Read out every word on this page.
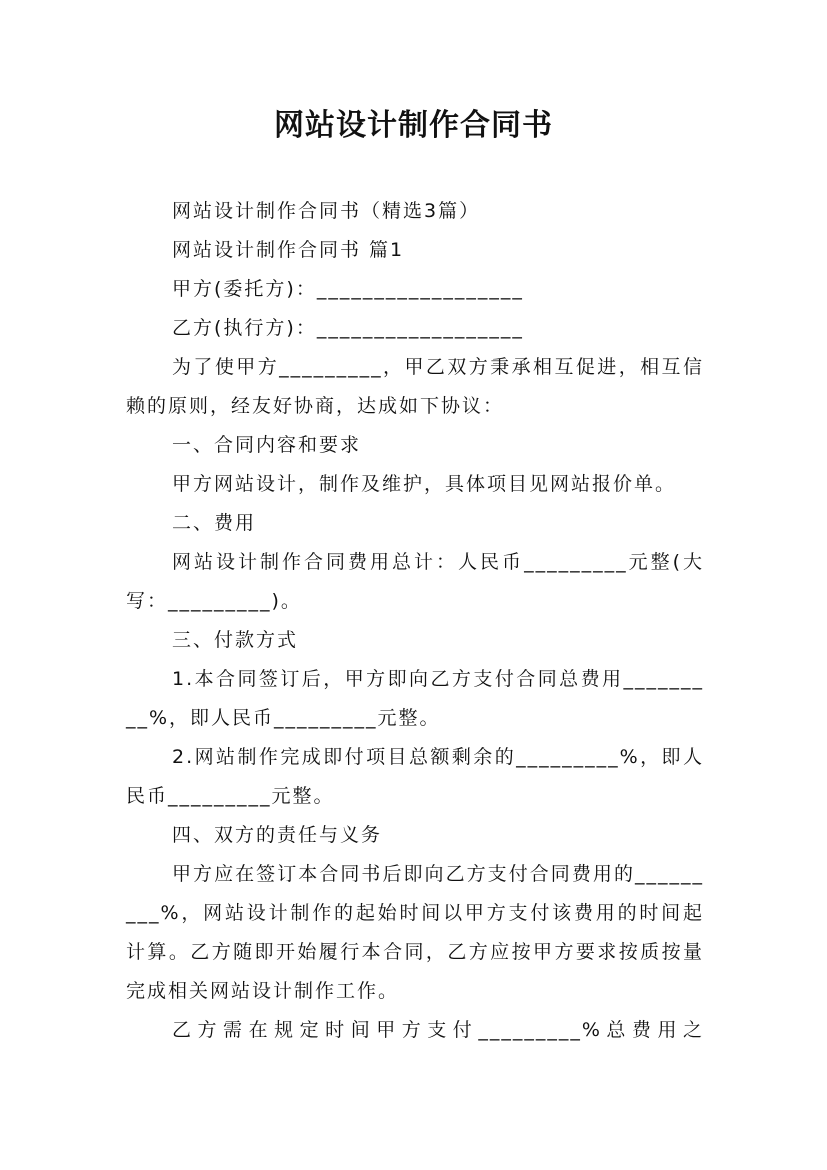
网站设计制作合同书

网站设计制作合同书（精选3篇）

网站设计制作合同书 篇1

甲方(委托方)：__________________

乙方(执行方)：__________________

为了使甲方_________，甲乙双方秉承相互促进，相互信赖的原则，经友好协商，达成如下协议：

一、合同内容和要求

甲方网站设计，制作及维护，具体项目见网站报价单。

二、费用

网站设计制作合同费用总计：人民币_________元整(大写：_________)。

三、付款方式

1.本合同签订后，甲方即向乙方支付合同总费用_________%，即人民币_________元整。

2.网站制作完成即付项目总额剩余的_________%，即人民币_________元整。

四、双方的责任与义务

甲方应在签订本合同书后即向乙方支付合同费用的_________%，网站设计制作的起始时间以甲方支付该费用的时间起计算。乙方随即开始履行本合同，乙方应按甲方要求按质按量完成相关网站设计制作工作。

乙方需在规定时间甲方支付_________%总费用之
